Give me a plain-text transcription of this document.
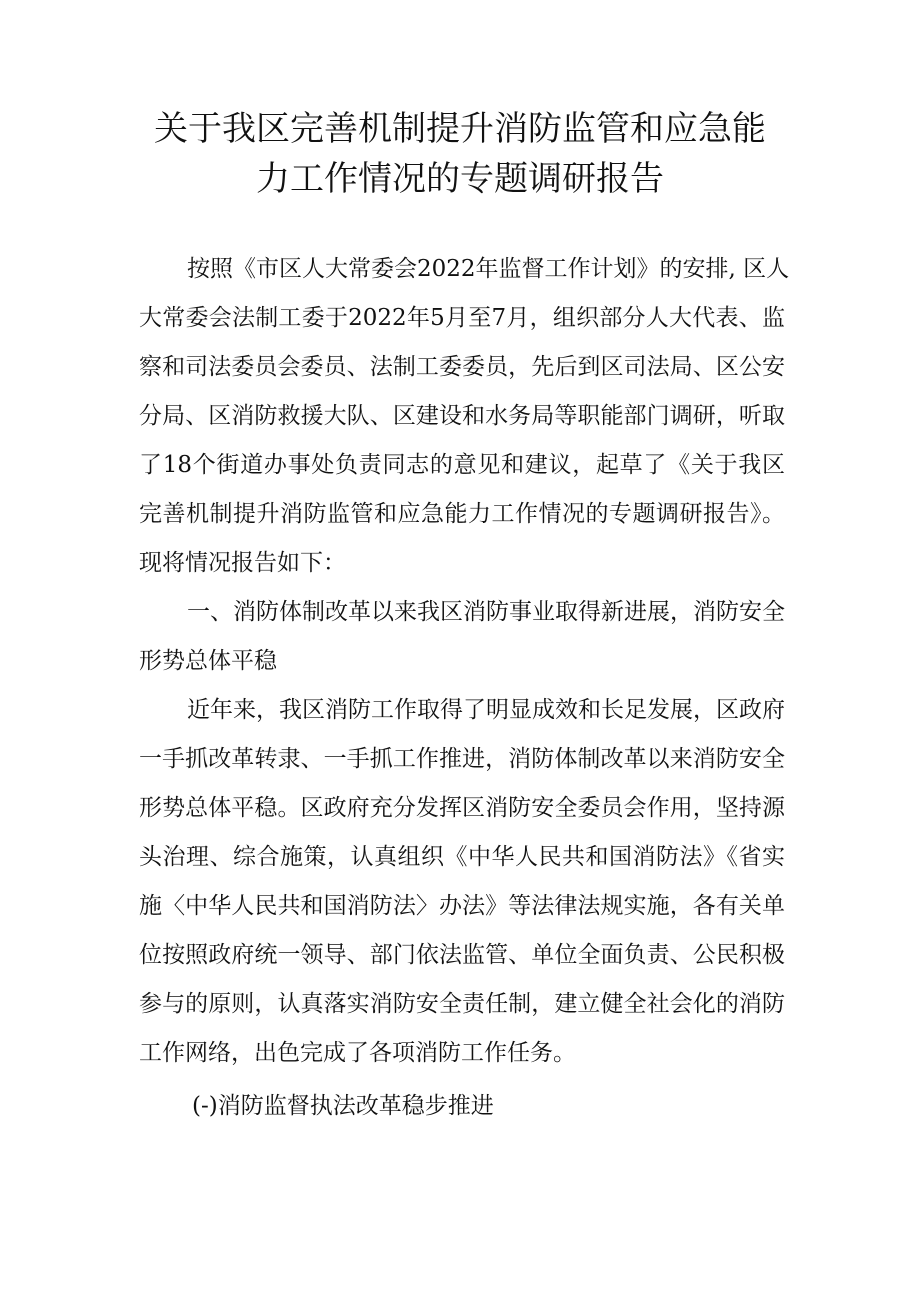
关于我区完善机制提升消防监管和应急能
力工作情况的专题调研报告

按照《市区人大常委会2022年监督工作计划》的安排, 区人

大常委会法制工委于2022年5月至7月，组织部分人大代表、监

察和司法委员会委员、法制工委委员，先后到区司法局、区公安

分局、区消防救援大队、区建设和水务局等职能部门调研，听取

了18个街道办事处负责同志的意见和建议，起草了《关于我区

完善机制提升消防监管和应急能力工作情况的专题调研报告》。

现将情况报告如下：

一、消防体制改革以来我区消防事业取得新进展，消防安全

形势总体平稳

近年来，我区消防工作取得了明显成效和长足发展，区政府

一手抓改革转隶、一手抓工作推进，消防体制改革以来消防安全

形势总体平稳。区政府充分发挥区消防安全委员会作用，坚持源

头治理、综合施策，认真组织《中华人民共和国消防法》《省实

施〈中华人民共和国消防法〉办法》等法律法规实施，各有关单

位按照政府统一领导、部门依法监管、单位全面负责、公民积极

参与的原则，认真落实消防安全责任制，建立健全社会化的消防

工作网络，出色完成了各项消防工作任务。

(-)消防监督执法改革稳步推进
